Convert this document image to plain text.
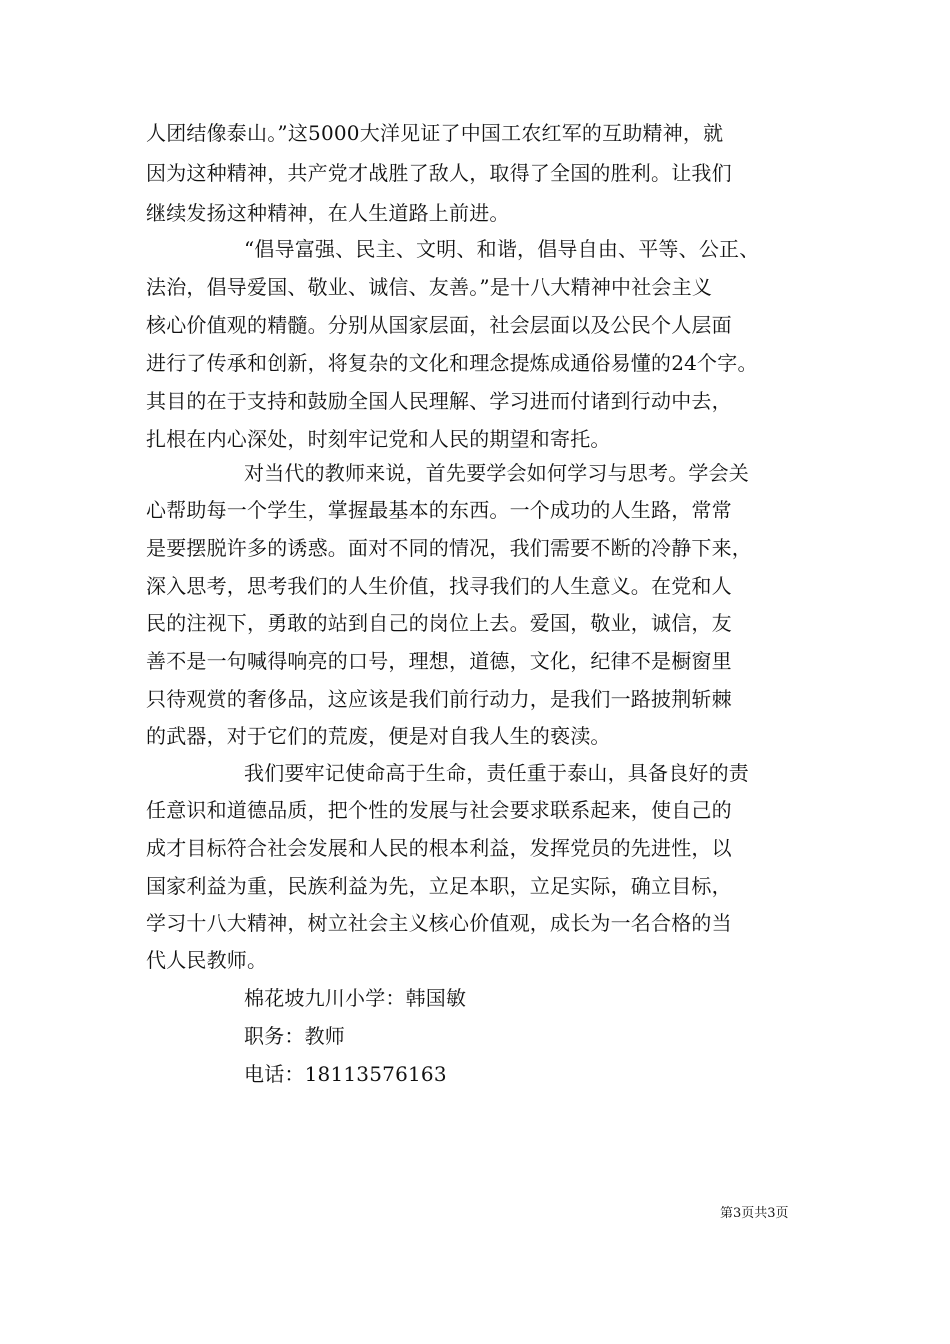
人团结像泰山。”这5000大洋见证了中国工农红军的互助精神，就
因为这种精神，共产党才战胜了敌人，取得了全国的胜利。让我们
继续发扬这种精神，在人生道路上前进。
“倡导富强、民主、文明、和谐，倡导自由、平等、公正、
法治，倡导爱国、敬业、诚信、友善。”是十八大精神中社会主义
核心价值观的精髓。分别从国家层面，社会层面以及公民个人层面
进行了传承和创新，将复杂的文化和理念提炼成通俗易懂的24个字。
其目的在于支持和鼓励全国人民理解、学习进而付诸到行动中去，
扎根在内心深处，时刻牢记党和人民的期望和寄托。
对当代的教师来说，首先要学会如何学习与思考。学会关
心帮助每一个学生，掌握最基本的东西。一个成功的人生路，常常
是要摆脱许多的诱惑。面对不同的情况，我们需要不断的冷静下来，
深入思考，思考我们的人生价值，找寻我们的人生意义。在党和人
民的注视下，勇敢的站到自己的岗位上去。爱国，敬业，诚信，友
善不是一句喊得响亮的口号，理想，道德，文化，纪律不是橱窗里
只待观赏的奢侈品，这应该是我们前行动力，是我们一路披荆斩棘
的武器，对于它们的荒废，便是对自我人生的亵渎。
我们要牢记使命高于生命，责任重于泰山，具备良好的责
任意识和道德品质，把个性的发展与社会要求联系起来，使自己的
成才目标符合社会发展和人民的根本利益，发挥党员的先进性，以
国家利益为重，民族利益为先，立足本职，立足实际，确立目标，
学习十八大精神，树立社会主义核心价值观，成长为一名合格的当
代人民教师。
棉花坡九川小学：韩国敏
职务：教师
电话：18113576163
第3页共3页
